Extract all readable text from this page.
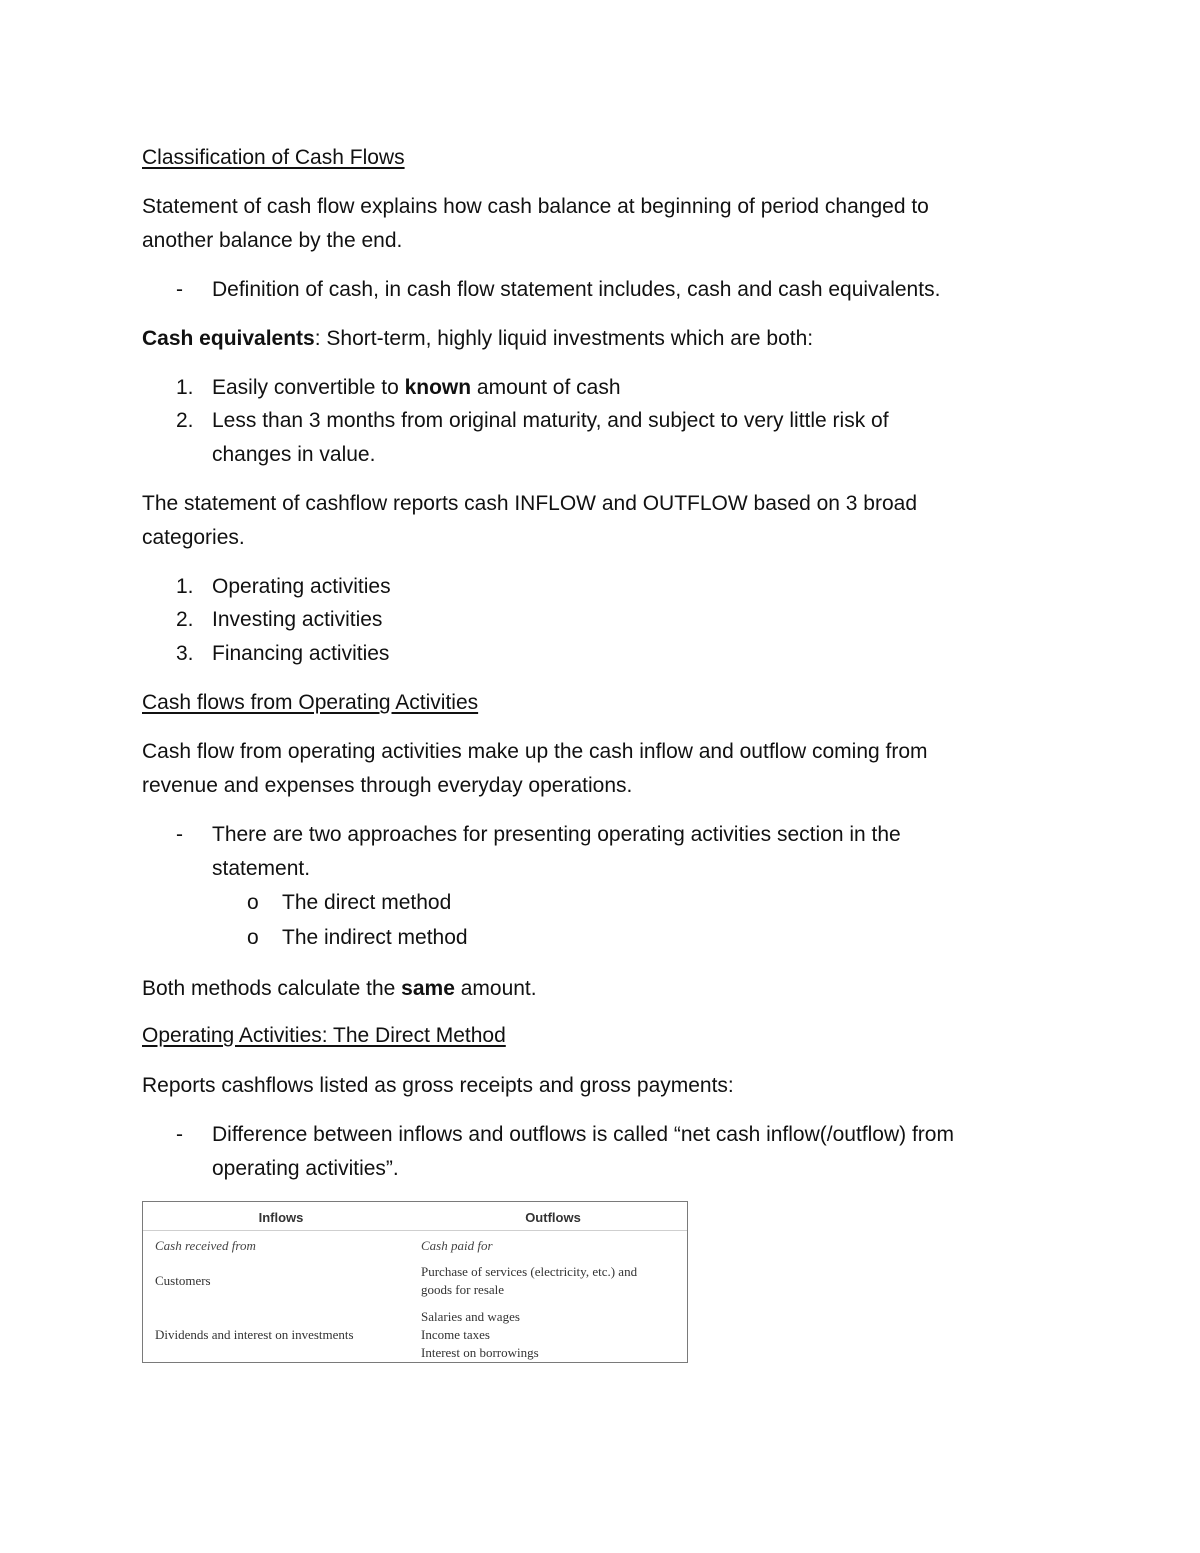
Classification of Cash Flows
Statement of cash flow explains how cash balance at beginning of period changed to
another balance by the end.
- Definition of cash, in cash flow statement includes, cash and cash equivalents.
Cash equivalents: Short-term, highly liquid investments which are both:
1. Easily convertible to known amount of cash
2. Less than 3 months from original maturity, and subject to very little risk of
changes in value.
The statement of cashflow reports cash INFLOW and OUTFLOW based on 3 broad
categories.
1. Operating activities
2. Investing activities
3. Financing activities
Cash flows from Operating Activities
Cash flow from operating activities make up the cash inflow and outflow coming from
revenue and expenses through everyday operations.
- There are two approaches for presenting operating activities section in the
statement.
o The direct method
o The indirect method
Both methods calculate the same amount.
Operating Activities: The Direct Method
Reports cashflows listed as gross receipts and gross payments:
- Difference between inflows and outflows is called “net cash inflow(/outflow) from
operating activities”.
Inflows	Outflows
Cash received from	Cash paid for
Customers
Purchase of services (electricity, etc.) and
goods for resale
Dividends and interest on investments
Salaries and wages
Income taxes
Interest on borrowings
